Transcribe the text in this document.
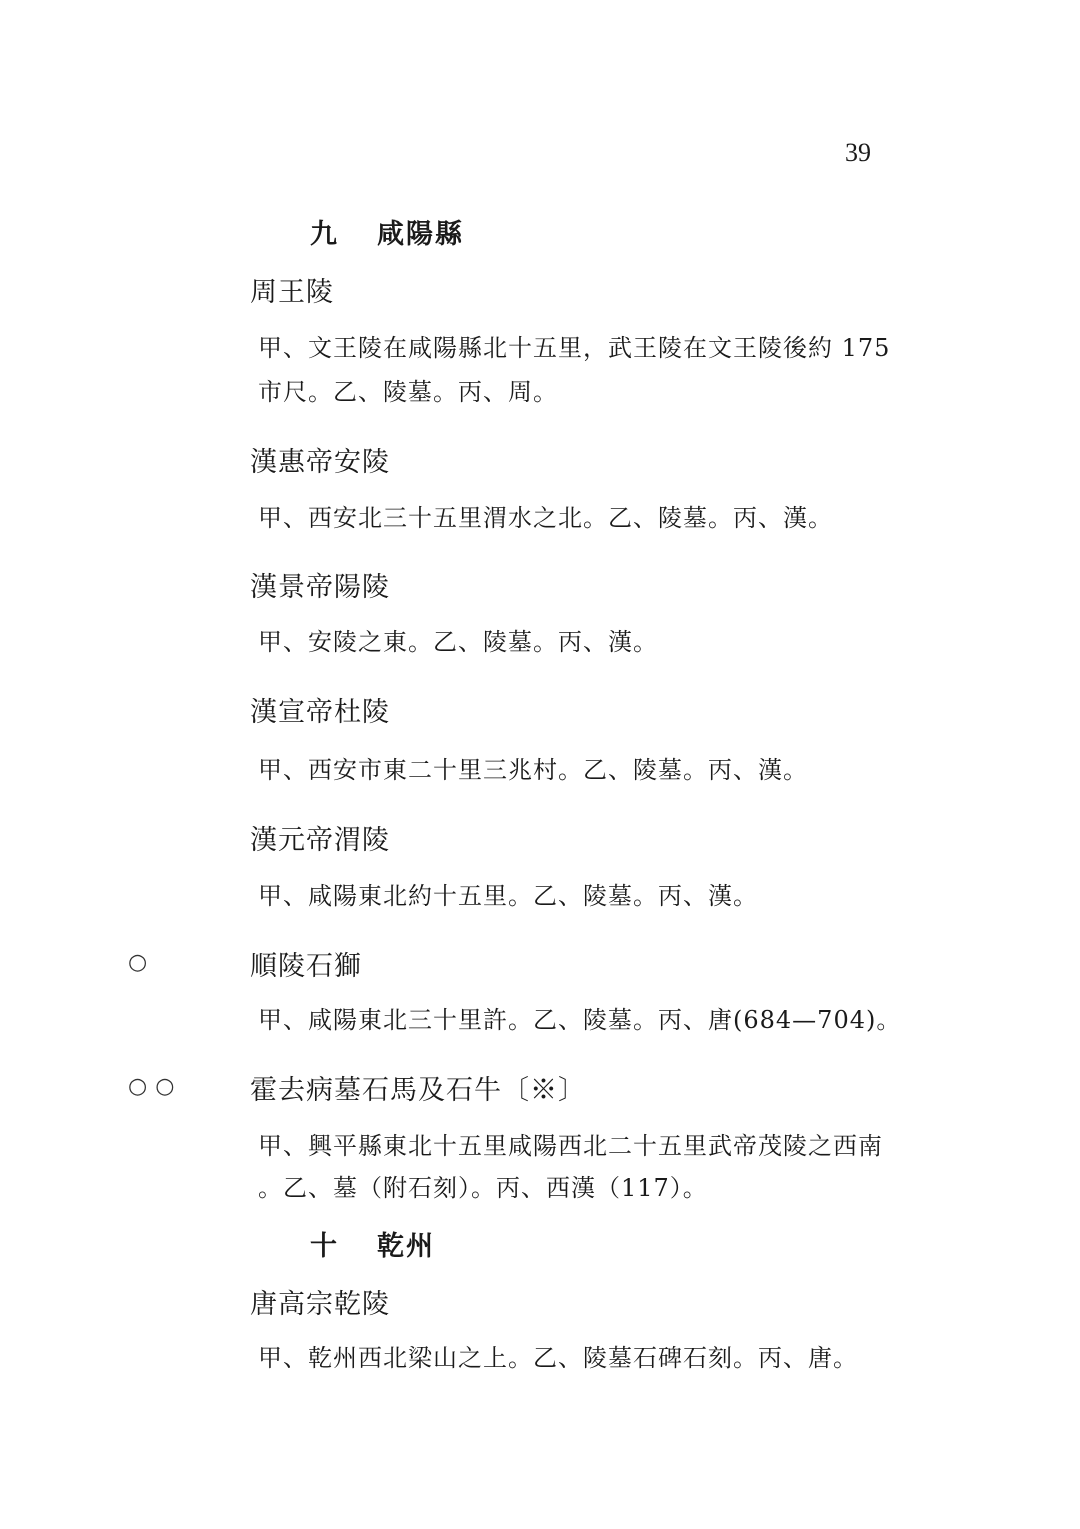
39
九 咸陽縣
周王陵
甲、文王陵在咸陽縣北十五里，武王陵在文王陵後約 175
市尺。乙、陵墓。丙、周。
漢惠帝安陵
甲、西安北三十五里渭水之北。乙、陵墓。丙、漢。
漢景帝陽陵
甲、安陵之東。乙、陵墓。丙、漢。
漢宣帝杜陵
甲、西安市東二十里三兆村。乙、陵墓。丙、漢。
漢元帝渭陵
甲、咸陽東北約十五里。乙、陵墓。丙、漢。
○	順陵石獅
甲、咸陽東北三十里許。乙、陵墓。丙、唐(684—704)。
○○	霍去病墓石馬及石牛〔※〕
甲、興平縣東北十五里咸陽西北二十五里武帝茂陵之西南
。乙、墓（附石刻）。丙、西漢（117）。
十 乾州
唐高宗乾陵
甲、乾州西北梁山之上。乙、陵墓石碑石刻。丙、唐。
